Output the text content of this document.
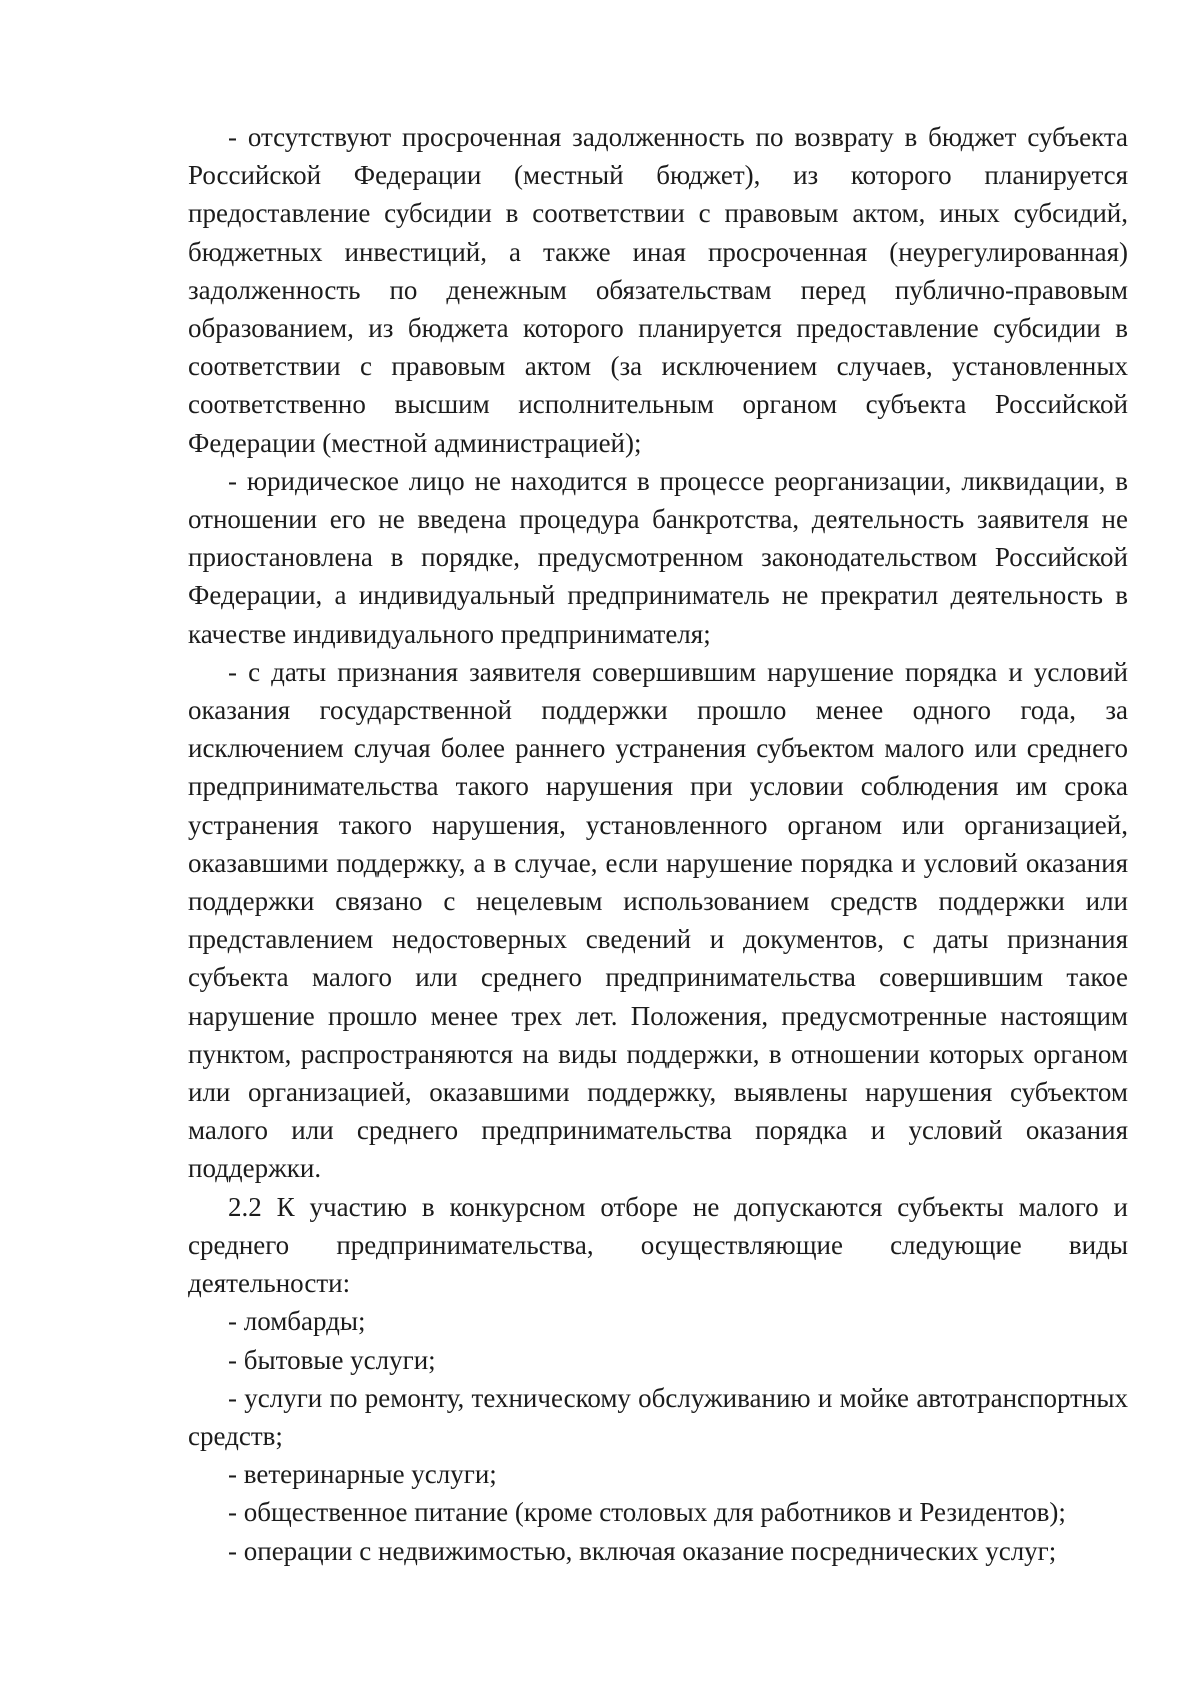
- отсутствуют просроченная задолженность по возврату в бюджет субъекта Российской Федерации (местный бюджет), из которого планируется предоставление субсидии в соответствии с правовым актом, иных субсидий, бюджетных инвестиций, а также иная просроченная (неурегулированная) задолженность по денежным обязательствам перед публично-правовым образованием, из бюджета которого планируется предоставление субсидии в соответствии с правовым актом (за исключением случаев, установленных соответственно высшим исполнительным органом субъекта Российской Федерации (местной администрацией);

- юридическое лицо не находится в процессе реорганизации, ликвидации, в отношении его не введена процедура банкротства, деятельность заявителя не приостановлена в порядке, предусмотренном законодательством Российской Федерации, а индивидуальный предприниматель не прекратил деятельность в качестве индивидуального предпринимателя;

- с даты признания заявителя совершившим нарушение порядка и условий оказания государственной поддержки прошло менее одного года, за исключением случая более раннего устранения субъектом малого или среднего предпринимательства такого нарушения при условии соблюдения им срока устранения такого нарушения, установленного органом или организацией, оказавшими поддержку, а в случае, если нарушение порядка и условий оказания поддержки связано с нецелевым использованием средств поддержки или представлением недостоверных сведений и документов, с даты признания субъекта малого или среднего предпринимательства совершившим такое нарушение прошло менее трех лет. Положения, предусмотренные настоящим пунктом, распространяются на виды поддержки, в отношении которых органом или организацией, оказавшими поддержку, выявлены нарушения субъектом малого или среднего предпринимательства порядка и условий оказания поддержки.

2.2 К участию в конкурсном отборе не допускаются субъекты малого и среднего предпринимательства, осуществляющие следующие виды деятельности:

- ломбарды;

- бытовые услуги;

- услуги по ремонту, техническому обслуживанию и мойке автотранспортных средств;

- ветеринарные услуги;

- общественное питание (кроме столовых для работников и Резидентов);

- операции с недвижимостью, включая оказание посреднических услуг;
